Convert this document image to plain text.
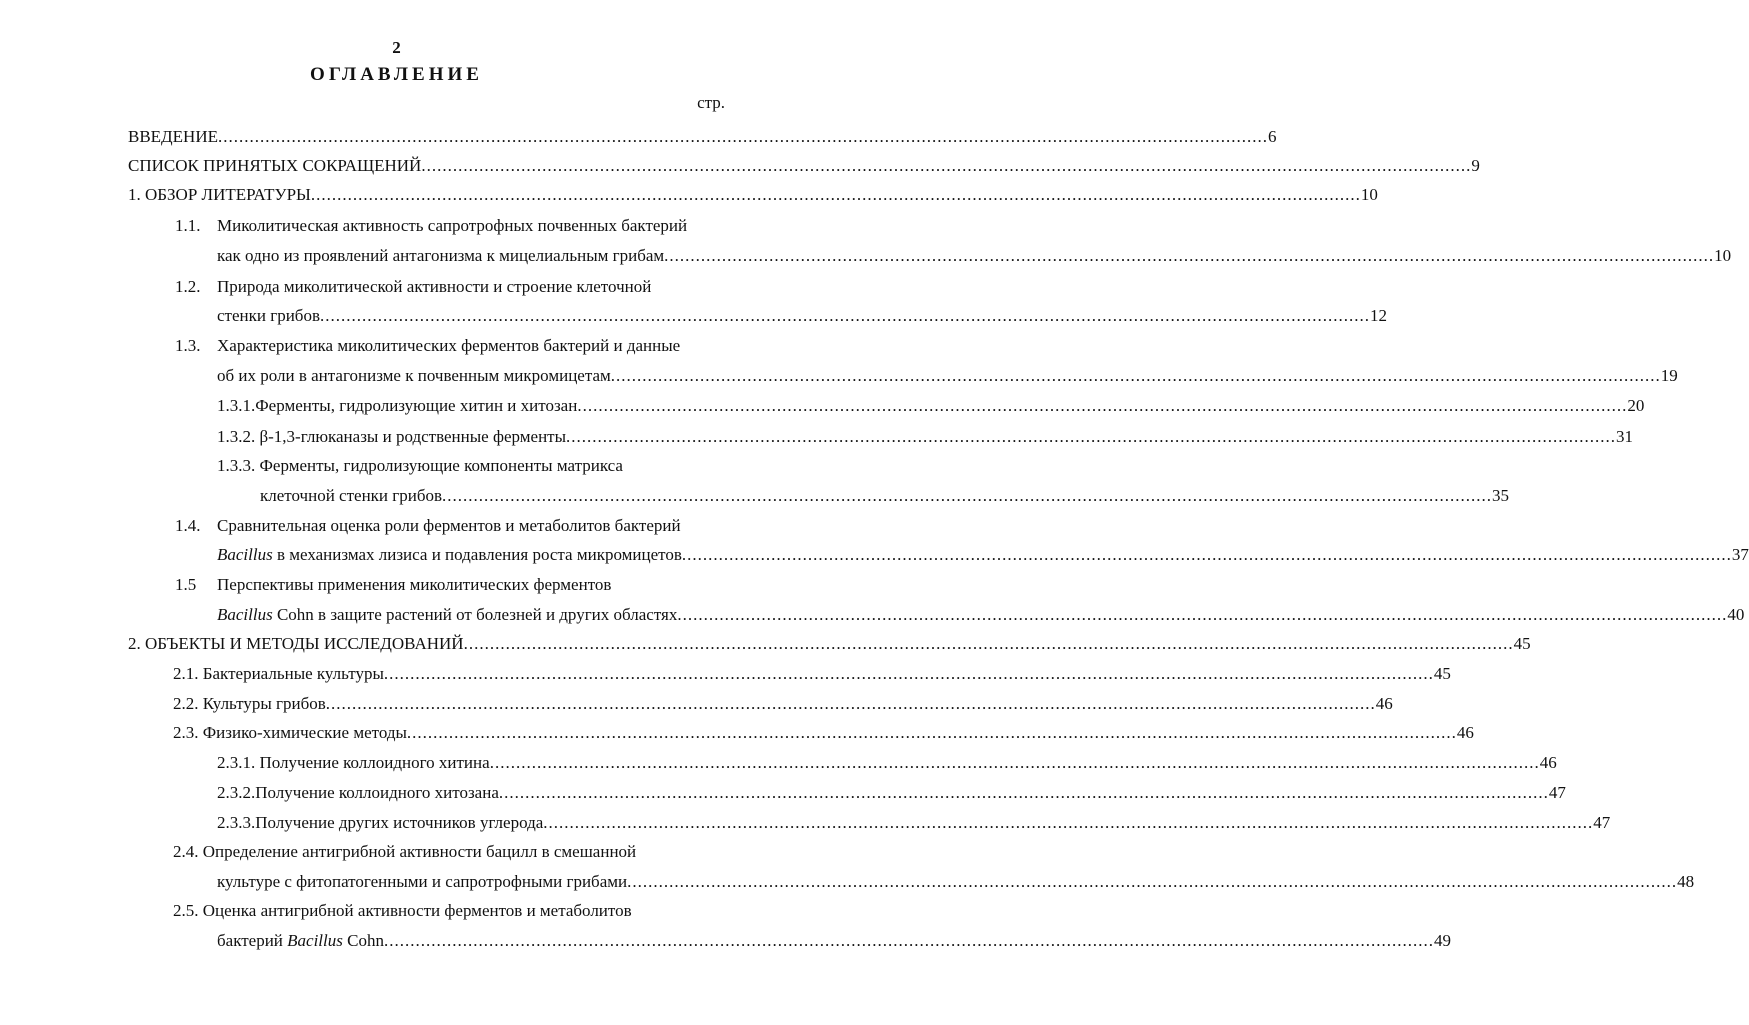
2
ОГЛАВЛЕНИЕ
стр.
ВВЕДЕНИЕ ........................................................................................................................................................................................................ 6
СПИСОК ПРИНЯТЫХ СОКРАЩЕНИЙ ........................................................................................................................................................................................................ 9
1. ОБЗОР ЛИТЕРАТУРЫ ........................................................................................................................................................................................................ 10
1.1. Миколитическая активность сапротрофных почвенных бактерий
как одно из проявлений антагонизма к мицелиальным грибам ........................................................................................................................................................................................................ 10
1.2. Природа миколитической активности и строение клеточной
стенки грибов ........................................................................................................................................................................................................ 12
1.3. Характеристика миколитических ферментов бактерий и данные
об их роли в антагонизме к почвенным микромицетам ........................................................................................................................................................................................................ 19
1.3.1.Ферменты, гидролизующие хитин и хитозан ........................................................................................................................................................................................................ 20
1.3.2. β-1,3-глюканазы и родственные ферменты ........................................................................................................................................................................................................ 31
1.3.3. Ферменты, гидролизующие компоненты матрикса
клеточной стенки грибов ........................................................................................................................................................................................................ 35
1.4. Сравнительная оценка роли ферментов и метаболитов бактерий
Bacillus в механизмах лизиса и подавления роста микромицетов ........................................................................................................................................................................................................ 37
1.5	Перспективы применения миколитических ферментов
Bacillus Cohn в защите растений от болезней и других областях ........................................................................................................................................................................................................ 40
2. ОБЪЕКТЫ И МЕТОДЫ ИССЛЕДОВАНИЙ ........................................................................................................................................................................................................ 45
2.1. Бактериальные культуры ........................................................................................................................................................................................................ 45
2.2. Культуры грибов ........................................................................................................................................................................................................ 46
2.3. Физико-химические методы ........................................................................................................................................................................................................ 46
2.3.1. Получение коллоидного хитина ........................................................................................................................................................................................................ 46
2.3.2.Получение коллоидного хитозана ........................................................................................................................................................................................................ 47
2.3.3.Получение других источников углерода ........................................................................................................................................................................................................ 47
2.4. Определение антигрибной активности бацилл в смешанной
культуре с фитопатогенными и сапротрофными грибами ........................................................................................................................................................................................................ 48
2.5. Оценка антигрибной активности ферментов и метаболитов
бактерий Bacillus Cohn ........................................................................................................................................................................................................ 49
